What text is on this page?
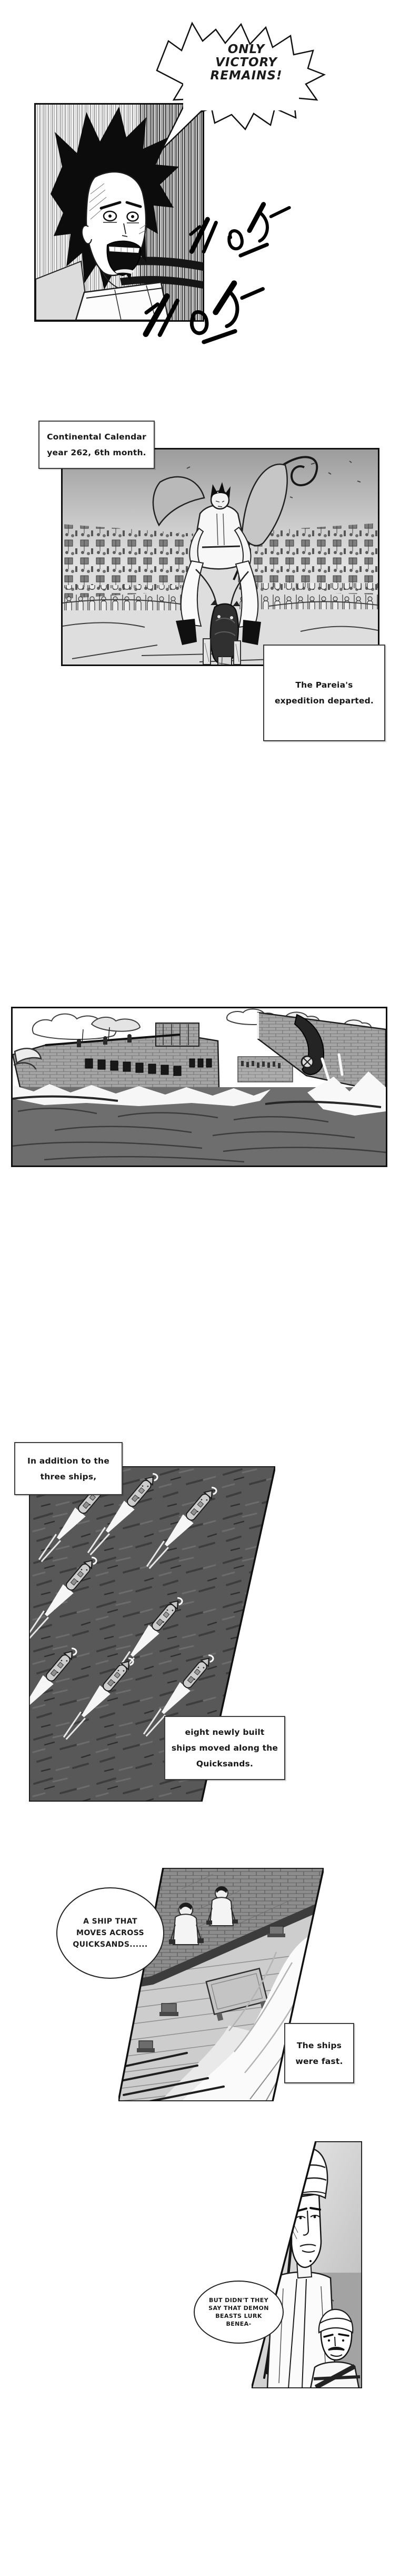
ONLY
VICTORY
REMAINS!
Continental Calendar
year 262, 6th month.
The Pareia's
expedition departed.
In addition to the
three ships,
eight newly built
ships moved along the
Quicksands.
A SHIP THAT
MOVES ACROSS
QUICKSANDS......
The ships
were fast.
BUT DIDN'T THEY
SAY THAT DEMON
BEASTS LURK
BENEA-
